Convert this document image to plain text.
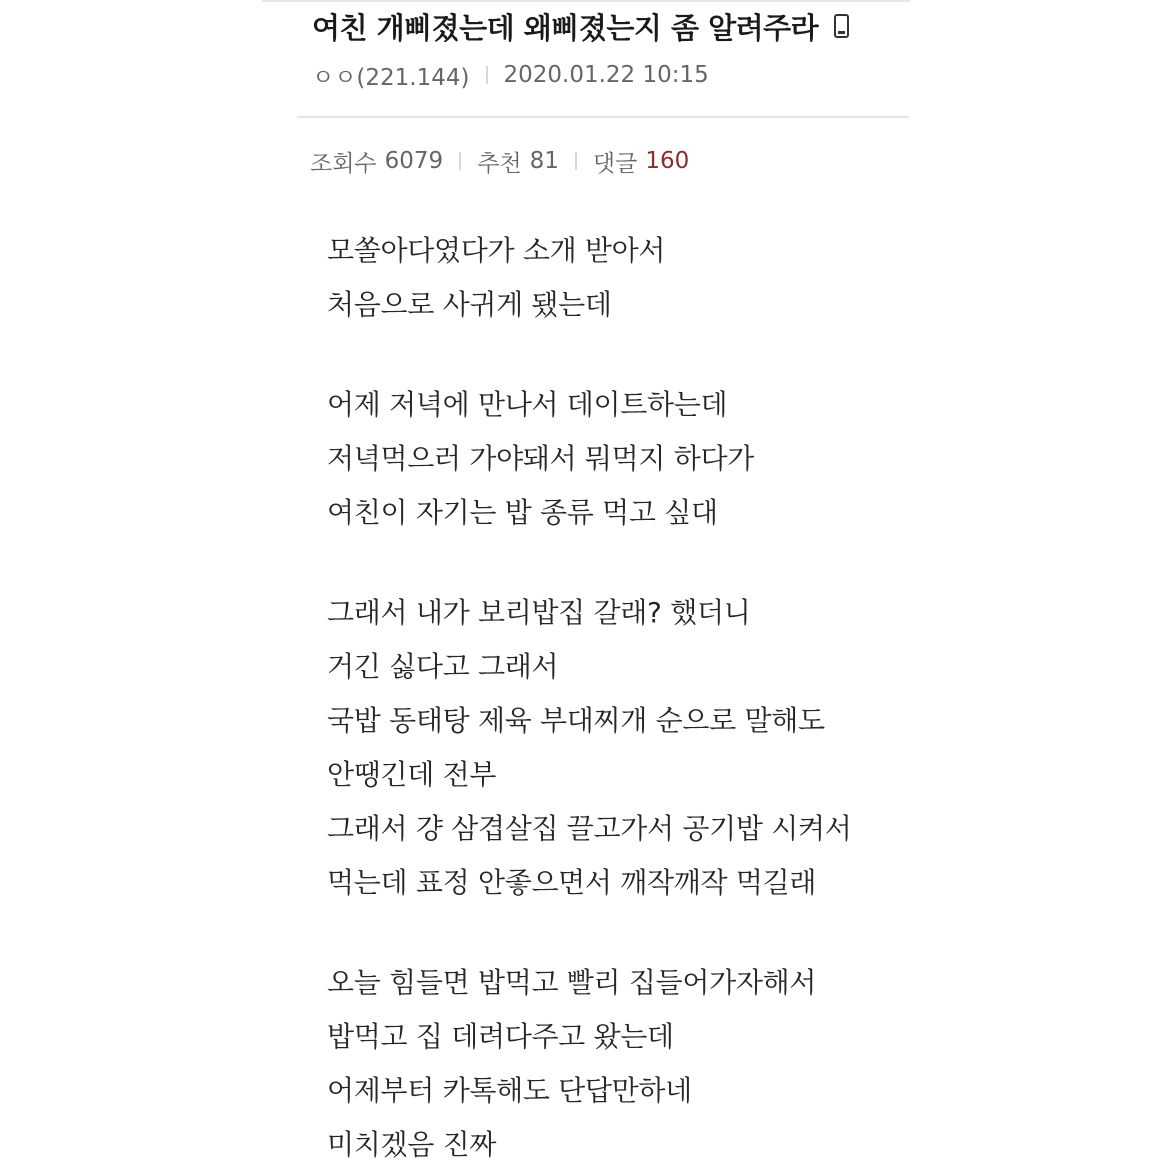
여친 개삐졌는데 왜삐졌는지 좀 알려주라
ㅇㅇ(221.144) 2020.01.22 10:15
조회수 6079 추천 81 댓글 160
모쏠아다였다가 소개 받아서
처음으로 사귀게 됐는데
어제 저녁에 만나서 데이트하는데
저녁먹으러 가야돼서 뭐먹지 하다가
여친이 자기는 밥 종류 먹고 싶대
그래서 내가 보리밥집 갈래? 했더니
거긴 싫다고 그래서
국밥 동태탕 제육 부대찌개 순으로 말해도
안땡긴데 전부
그래서 걍 삼겹살집 끌고가서 공기밥 시켜서
먹는데 표정 안좋으면서 깨작깨작 먹길래
오늘 힘들면 밥먹고 빨리 집들어가자해서
밥먹고 집 데려다주고 왔는데
어제부터 카톡해도 단답만하네
미치겠음 진짜
